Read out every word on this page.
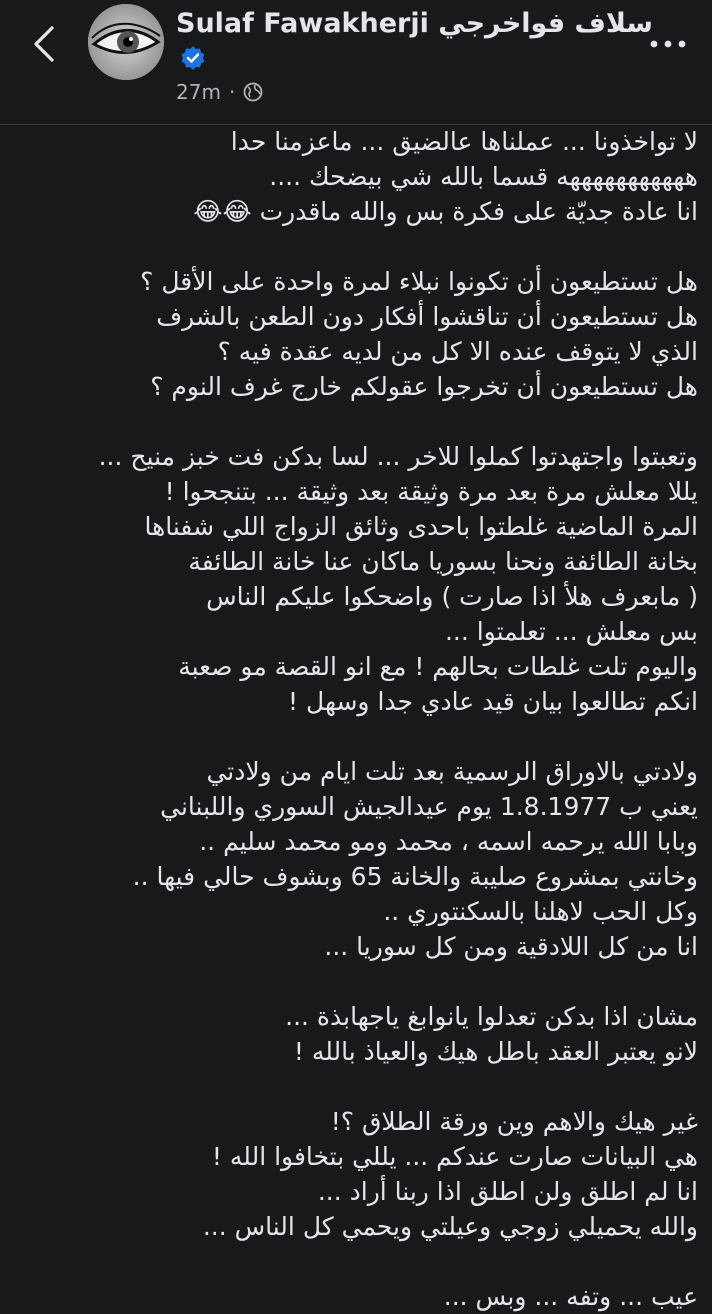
Sulaf Fawakherji سلاف فواخرجي
27m ·
لا تواخذونا ... عملناها عالضيق ... ماعزمنا حدا
هههههههههههه قسما بالله شي بيضحك ....
انا عادة جديّة على فكرة بس والله ماقدرت 😂😂
هل تستطيعون أن تكونوا نبلاء لمرة واحدة على الأقل ؟
هل تستطيعون أن تناقشوا أفكار دون الطعن بالشرف
الذي لا يتوقف عنده الا كل من لديه عقدة فيه ؟
هل تستطيعون أن تخرجوا عقولكم خارج غرف النوم ؟
وتعبتوا واجتهدتوا كملوا للاخر ... لسا بدكن فت خبز منيح ...
يللا معلش مرة بعد مرة وثيقة بعد وثيقة ... بتنجحوا !
المرة الماضية غلطتوا باحدى وثائق الزواج اللي شفناها
بخانة الطائفة ونحنا بسوريا ماكان عنا خانة الطائفة
( مابعرف هلأ اذا صارت ) واضحكوا عليكم الناس
بس معلش ... تعلمتوا ...
واليوم تلت غلطات بحالهم ! مع انو القصة مو صعبة
انكم تطالعوا بيان قيد عادي جدا وسهل !
ولادتي بالاوراق الرسمية بعد تلت ايام من ولادتي
يعني ب 1.8.1977 يوم عيدالجيش السوري واللبناني
وبابا الله يرحمه اسمه ، محمد ومو محمد سليم ..
وخانتي بمشروع صليبة والخانة 65 وبشوف حالي فيها ..
وكل الحب لاهلنا بالسكنتوري ..
انا من كل اللادقية ومن كل سوريا ...
مشان اذا بدكن تعدلوا يانوابغ ياجهابذة ...
لانو يعتبر العقد باطل هيك والعياذ بالله !
غير هيك والاهم وين ورقة الطلاق ؟!
هي البيانات صارت عندكم ... يللي بتخافوا الله !
انا لم اطلق ولن اطلق اذا ربنا أراد ...
والله يحميلي زوجي وعيلتي ويحمي كل الناس ...
عيب ... وتفه ... وبس ...
